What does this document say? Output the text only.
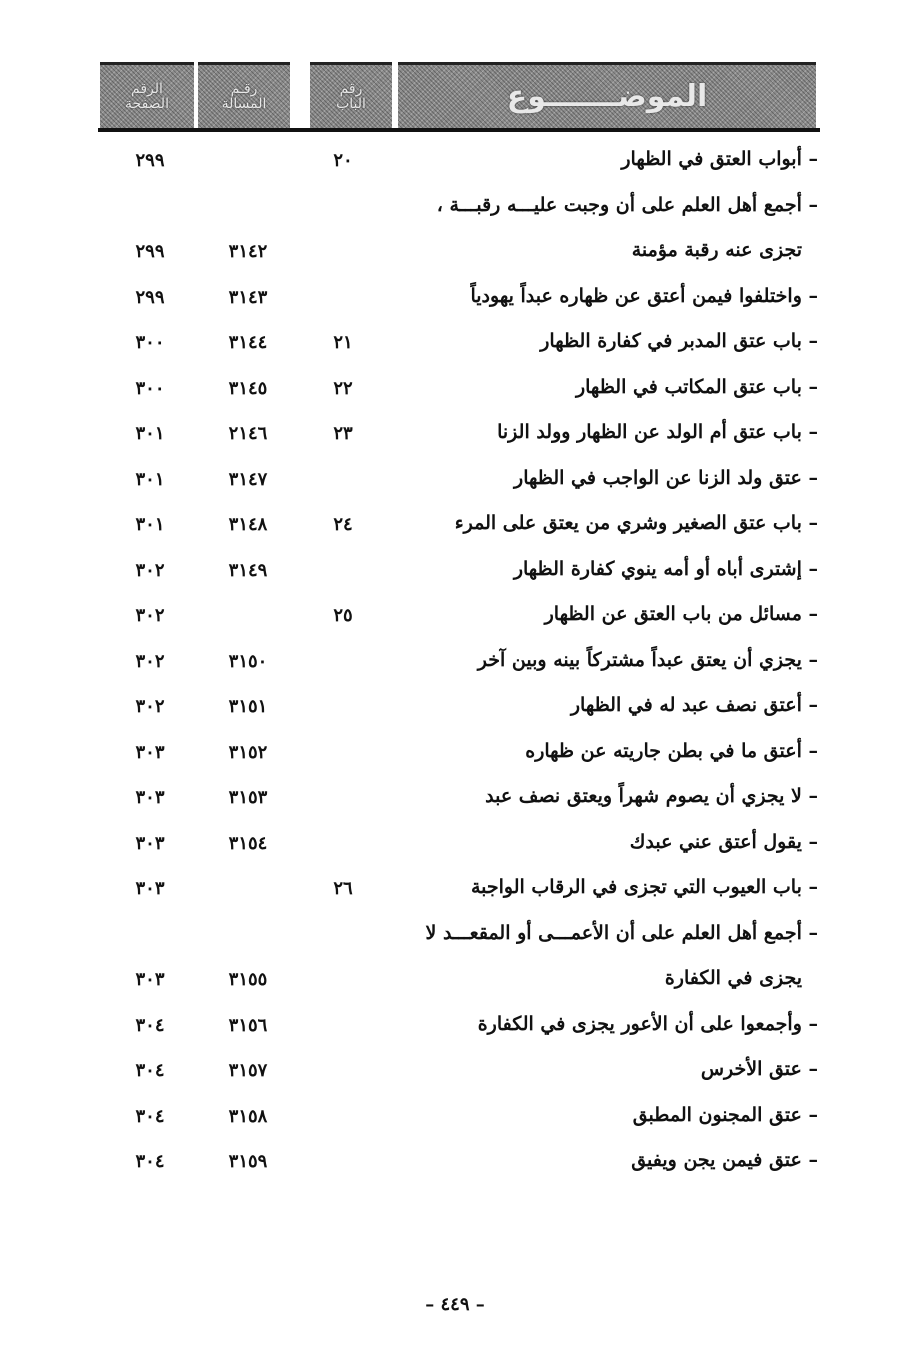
الموضـــــــوع
رقم
الباب
رقـم
المسالة
الرقم
الصفحة
– أبواب العتق في الظهار
٢٠
٢٩٩
– أجمع أهل العلم على أن وجبت عليـــه رقبـــة ،
تجزى عنه رقبة مؤمنة
٣١٤٢
٢٩٩
– واختلفوا فيمن أعتق عن ظهاره عبداً يهودياً
٣١٤٣
٢٩٩
– باب عتق المدبر في كفارة الظهار
٢١
٣١٤٤
٣٠٠
– باب عتق المكاتب في الظهار
٢٢
٣١٤٥
٣٠٠
– باب عتق أم الولد عن الظهار وولد الزنا
٢٣
٢١٤٦
٣٠١
– عتق ولد الزنا عن الواجب في الظهار
٣١٤٧
٣٠١
– باب عتق الصغير وشري من يعتق على المرء
٢٤
٣١٤٨
٣٠١
– إشترى أباه أو أمه ينوي كفارة الظهار
٣١٤٩
٣٠٢
– مسائل من باب العتق عن الظهار
٢٥
٣٠٢
– يجزي أن يعتق عبداً مشتركاً بينه وبين آخر
٣١٥٠
٣٠٢
– أعتق نصف عبد له في الظهار
٣١٥١
٣٠٢
– أعتق ما في بطن جاريته عن ظهاره
٣١٥٢
٣٠٣
– لا يجزي أن يصوم شهراً ويعتق نصف عبد
٣١٥٣
٣٠٣
– يقول أعتق عني عبدك
٣١٥٤
٣٠٣
– باب العيوب التي تجزى في الرقاب الواجبة
٢٦
٣٠٣
– أجمع أهل العلم على أن الأعمـــى أو المقعـــد لا
يجزى في الكفارة
٣١٥٥
٣٠٣
– وأجمعوا على أن الأعور يجزى في الكفارة
٣١٥٦
٣٠٤
– عتق الأخرس
٣١٥٧
٣٠٤
– عتق المجنون المطبق
٣١٥٨
٣٠٤
– عتق فيمن يجن ويفيق
٣١٥٩
٣٠٤
– ٤٤٩ –
